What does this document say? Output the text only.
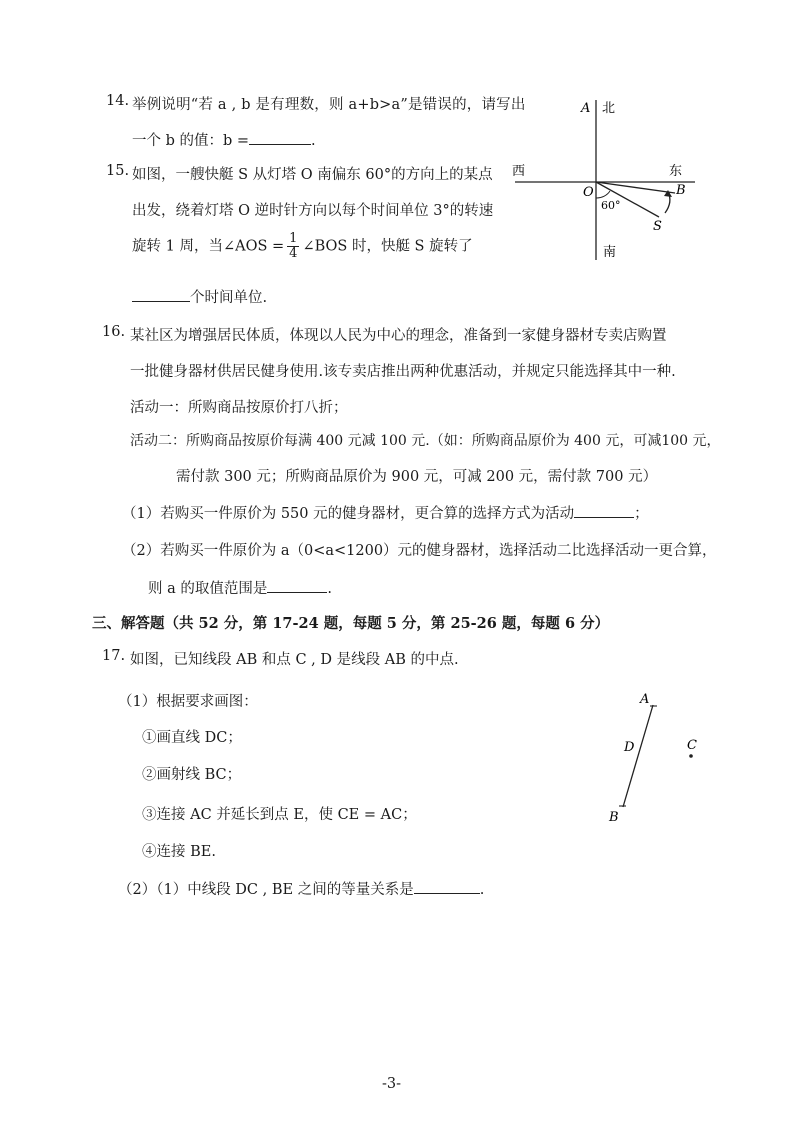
14. 举例说明“若 a , b 是有理数，则 a+b>a”是错误的，请写出
一个 b 的值：b =	.
15. 如图，一艘快艇 S 从灯塔 O 南偏东 60°的方向上的某点
出发，绕着灯塔 O 逆时针方向以每个时间单位 3°的转速
旋转 1 周，当∠AOS = $\frac{1}{4}$ ∠BOS 时，快艇 S 旋转了
个时间单位.
北
A
西	东
O	B
S
60°
南
16. 某社区为增强居民体质，体现以人民为中心的理念，准备到一家健身器材专卖店购置
一批健身器材供居民健身使用.该专卖店推出两种优惠活动，并规定只能选择其中一种.
活动一：所购商品按原价打八折；
活动二：所购商品按原价每满 400 元减 100 元.（如：所购商品原价为 400 元，可减100 元，
需付款 300 元；所购商品原价为 900 元，可减 200 元，需付款 700 元）
（1）若购买一件原价为 550 元的健身器材，更合算的选择方式为活动	；
（2）若购买一件原价为 a（0<a<1200）元的健身器材，选择活动二比选择活动一更合算，
则 a 的取值范围是	.
三、解答题（共 52 分，第 17-24 题，每题 5 分，第 25-26 题，每题 6 分）
17. 如图，已知线段 AB 和点 C , D 是线段 AB 的中点.
（1）根据要求画图：
①画直线 DC；
②画射线 BC；
③连接 AC 并延长到点 E，使 CE = AC；
④连接 BE.
（2）（1）中线段 DC , BE 之间的等量关系是	.
A
D	C
B
-3-
